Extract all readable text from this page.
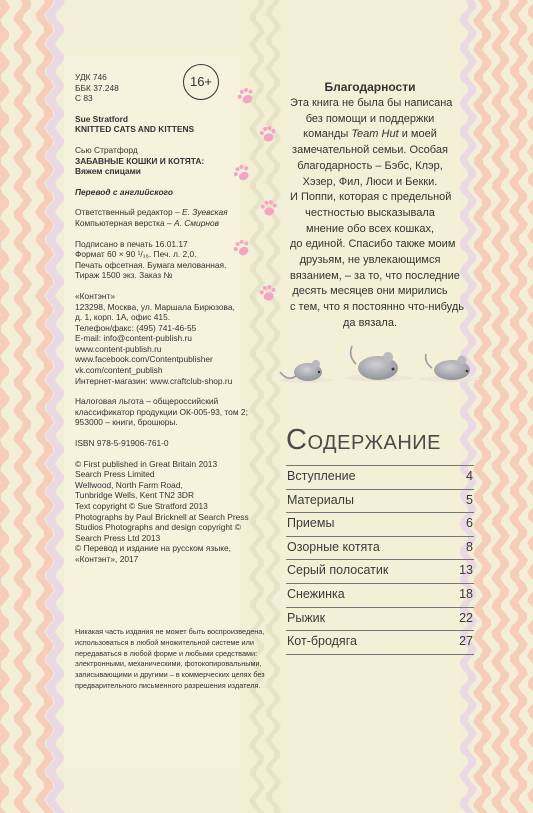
16+
УДК 746
ББК 37.248
С 83
Sue Stratford
KNITTED CATS AND KITTENS
Сью Стратфорд
ЗАБАВНЫЕ КОШКИ И КОТЯТА:
Вяжем спицами
Перевод с английского
Ответственный редактор – Е. Зуевская
Компьютерная верстка – А. Смирнов
Подписано в печать 16.01.17
Формат 60 × 90 ¹/₁₆. Печ. л. 2,0.
Печать офсетная. Бумага мелованная.
Тираж 1500 экз. Заказ №
«Контэнт»
123298, Москва, ул. Маршала Бирюзова,
д. 1, корп. 1А, офис 415.
Телефон/факс: (495) 741-46-55
E-mail: info@content-publish.ru
www.content-publish.ru
www.facebook.com/Contentpublisher
vk.com/content_publish
Интернет-магазин: www.craftclub-shop.ru
Налоговая льгота – общероссийский
классификатор продукции ОК-005-93, том 2;
953000 – книги, брошюры.
ISBN 978-5-91906-761-0
© First published in Great Britain 2013
Search Press Limited
Wellwood, North Farm Road,
Tunbridge Wells, Kent TN2 3DR
Text copyright © Sue Stratford 2013
Photographs by Paul Bricknell at Search Press
Studios Photographs and design copyright ©
Search Press Ltd 2013
© Перевод и издание на русском языке,
«Контэнт», 2017
Никакая часть издания не может быть воспроизведена,
использоваться в любой множительной системе или
передаваться в любой форме и любыми средствами:
электронными, механическими, фотокопировальными,
записывающими и другими – в коммерческих целях без
предварительного письменного разрешения издателя.
Благодарности
Эта книга не была бы написана
без помощи и поддержки
команды Team Hut и моей
замечательной семьи. Особая
благодарность – Бэбс, Клэр,
Хэзер, Фил, Люси и Бекки.
И Поппи, которая с предельной
честностью высказывала
мнение обо всех кошках,
до единой. Спасибо также моим
друзьям, не увлекающимся
вязанием, – за то, что последние
десять месяцев они мирились
с тем, что я постоянно что-нибудь
да вязала.
Содержание
Вступление	4
Материалы	5
Приемы	6
Озорные котята	8
Серый полосатик	13
Снежинка	18
Рыжик	22
Кот-бродяга	27
